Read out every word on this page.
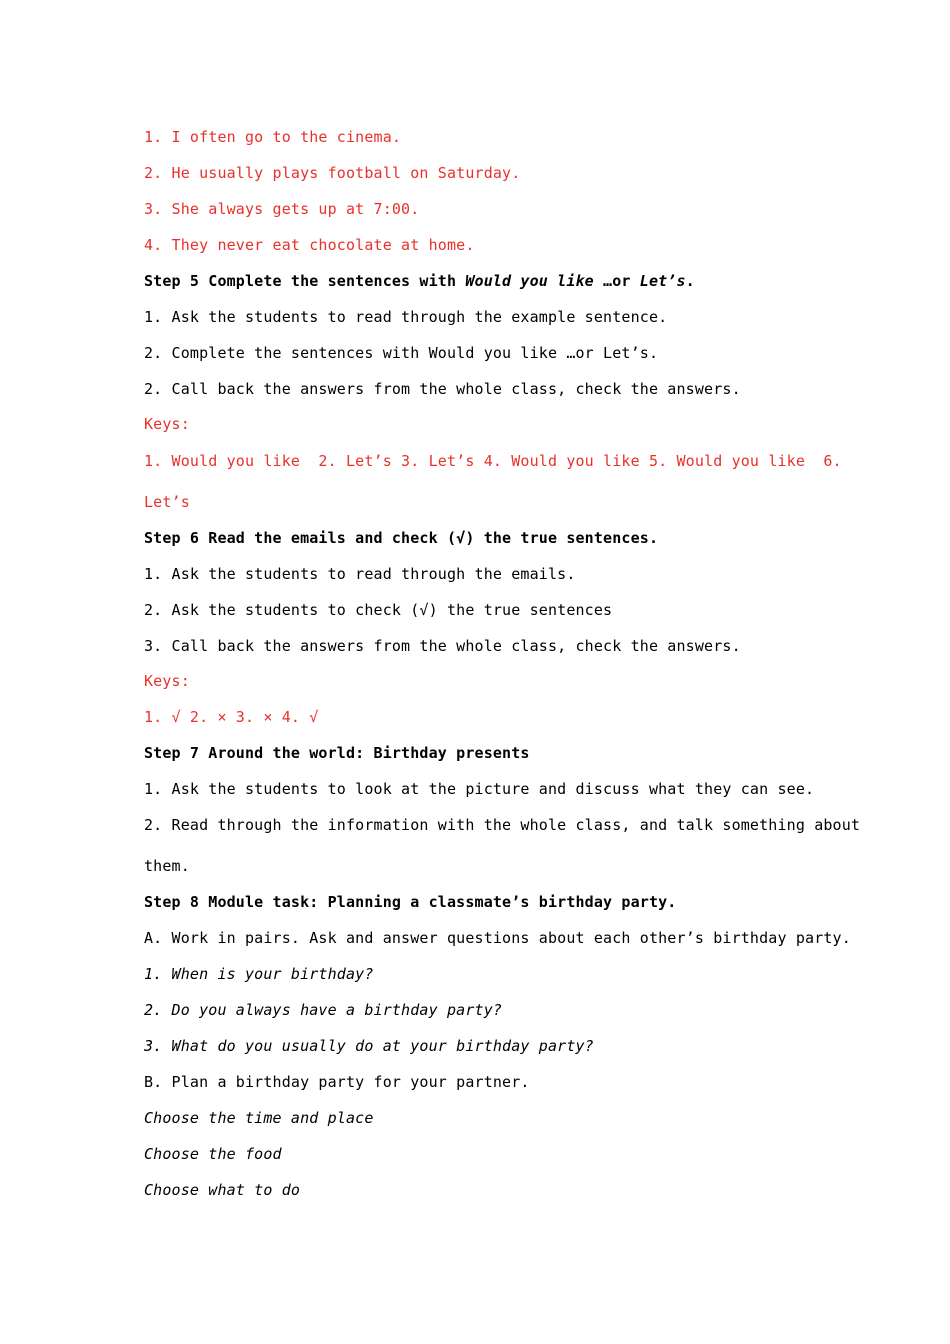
1. I often go to the cinema.

2. He usually plays football on Saturday.

3. She always gets up at 7:00.

4. They never eat chocolate at home.

Step 5 Complete the sentences with Would you like …or Let’s.

1. Ask the students to read through the example sentence.

2. Complete the sentences with Would you like …or Let’s.

2. Call back the answers from the whole class, check the answers.

Keys:

1. Would you like  2. Let’s 3. Let’s 4. Would you like 5. Would you like  6.

Let’s

Step 6 Read the emails and check (√) the true sentences.

1. Ask the students to read through the emails.

2. Ask the students to check (√) the true sentences

3. Call back the answers from the whole class, check the answers.

Keys:

1. √ 2. × 3. × 4. √

Step 7 Around the world: Birthday presents

1. Ask the students to look at the picture and discuss what they can see.

2. Read through the information with the whole class, and talk something about

them.

Step 8 Module task: Planning a classmate’s birthday party.

A. Work in pairs. Ask and answer questions about each other’s birthday party.

1. When is your birthday?

2. Do you always have a birthday party?

3. What do you usually do at your birthday party?

B. Plan a birthday party for your partner.

Choose the time and place

Choose the food

Choose what to do
